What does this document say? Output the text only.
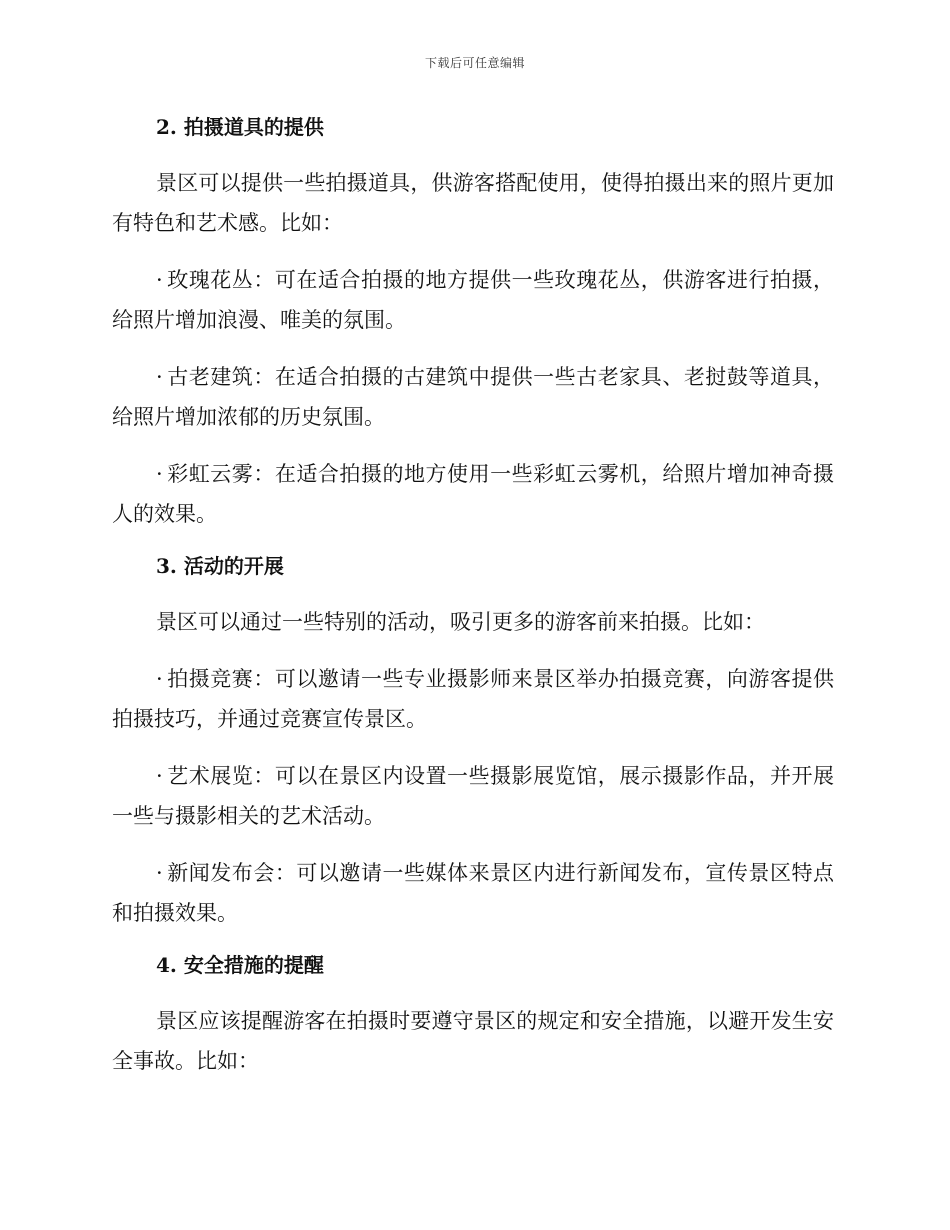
下载后可任意编辑
2. 拍摄道具的提供

景区可以提供一些拍摄道具，供游客搭配使用，使得拍摄出来的照片更加有特色和艺术感。比如：

· 玫瑰花丛：可在适合拍摄的地方提供一些玫瑰花丛，供游客进行拍摄，给照片增加浪漫、唯美的氛围。

· 古老建筑：在适合拍摄的古建筑中提供一些古老家具、老挝鼓等道具，给照片增加浓郁的历史氛围。

· 彩虹云雾：在适合拍摄的地方使用一些彩虹云雾机，给照片增加神奇摄人的效果。

3. 活动的开展

景区可以通过一些特别的活动，吸引更多的游客前来拍摄。比如：

· 拍摄竞赛：可以邀请一些专业摄影师来景区举办拍摄竞赛，向游客提供拍摄技巧，并通过竞赛宣传景区。

· 艺术展览：可以在景区内设置一些摄影展览馆，展示摄影作品，并开展一些与摄影相关的艺术活动。

· 新闻发布会：可以邀请一些媒体来景区内进行新闻发布，宣传景区特点和拍摄效果。

4. 安全措施的提醒

景区应该提醒游客在拍摄时要遵守景区的规定和安全措施，以避开发生安全事故。比如：
